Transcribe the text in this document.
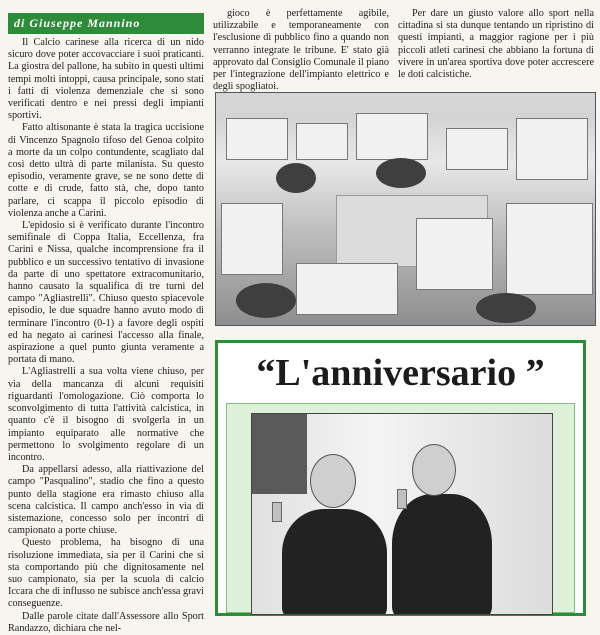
di Giuseppe Mannino

Il Calcio carinese alla ricerca di un nido sicuro dove poter accovacciare i suoi praticanti. La giostra del pallone, ha subito in questi ultimi tempi molti intoppi, causa principale, sono stati i fatti di violenza demenziale che si sono verificati dentro e nei pressi degli impianti sportivi.

Fatto altisonante è stata la tragica uccisione di Vincenzo Spagnolo tifoso del Genoa colpito a morte da un colpo contundente, scagliato dal così detto ultrà di parte milanista. Su questo episodio, veramente grave, se ne sono dette di cotte e di crude, fatto stà, che, dopo tanto parlare, ci scappa il piccolo episodio di violenza anche a Carini.

L'epidosio si è verificato durante l'incontro semifinale di Coppa Italia, Eccellenza, fra Carini e Nissa, qualche incomprensione fra il pubblico e un successivo tentativo di invasione da parte di uno spettatore extracomunitario, hanno causato la squalifica di tre turni del campo "Agliastrelli". Chiuso questo spiacevole episodio, le due squadre hanno avuto modo di terminare l'incontro (0-1) a favore degli ospiti ed ha negato ai carinesi l'accesso alla finale, aspirazione a quel punto giunta veramente a portata di mano.

L'Agliastrelli a sua volta viene chiuso, per via della mancanza di alcuni requisiti riguardanti l'omologazione. Ciò comporta lo sconvolgimento di tutta l'attività calcistica, in quanto c'è il bisogno di svolgerla in un impianto equiparato alle normative che permettono lo svolgimento regolare di un incontro.

Da appellarsi adesso, alla riattivazione del campo "Pasqualino", stadio che fino a questo punto della stagione era rimasto chiuso alla scena calcistica. Il campo anch'esso in via di sistemazione, concesso solo per incontri di campionato a porte chiuse.

Questo problema, ha bisogno di una risoluzione immediata, sia per il Carini che si sta comportando più che dignitosamente nel suo campionato, sia per la scuola di calcio Iccara che di influsso ne subisce anch'essa gravi conseguenze.

Dalle parole citate dall'Assessore allo Sport Randazzo, dichiara che nel-

gioco è perfettamente agibile, utilizzabile e temporaneamente con l'esclusione di pubblico fino a quando non verranno integrate le tribune. E' stato già approvato dal Consiglio Comunale il piano per l'integrazione dell'impianto elettrico e degli spogliatoi.

Per dare un giusto valore allo sport nella cittadina si sta dunque tentando un ripristino di questi impianti, a maggior ragione per i più piccoli atleti carinesi che abbiano la fortuna di vivere in un'area sportiva dove poter accrescere le doti calcistiche.

“L'anniversario ”
